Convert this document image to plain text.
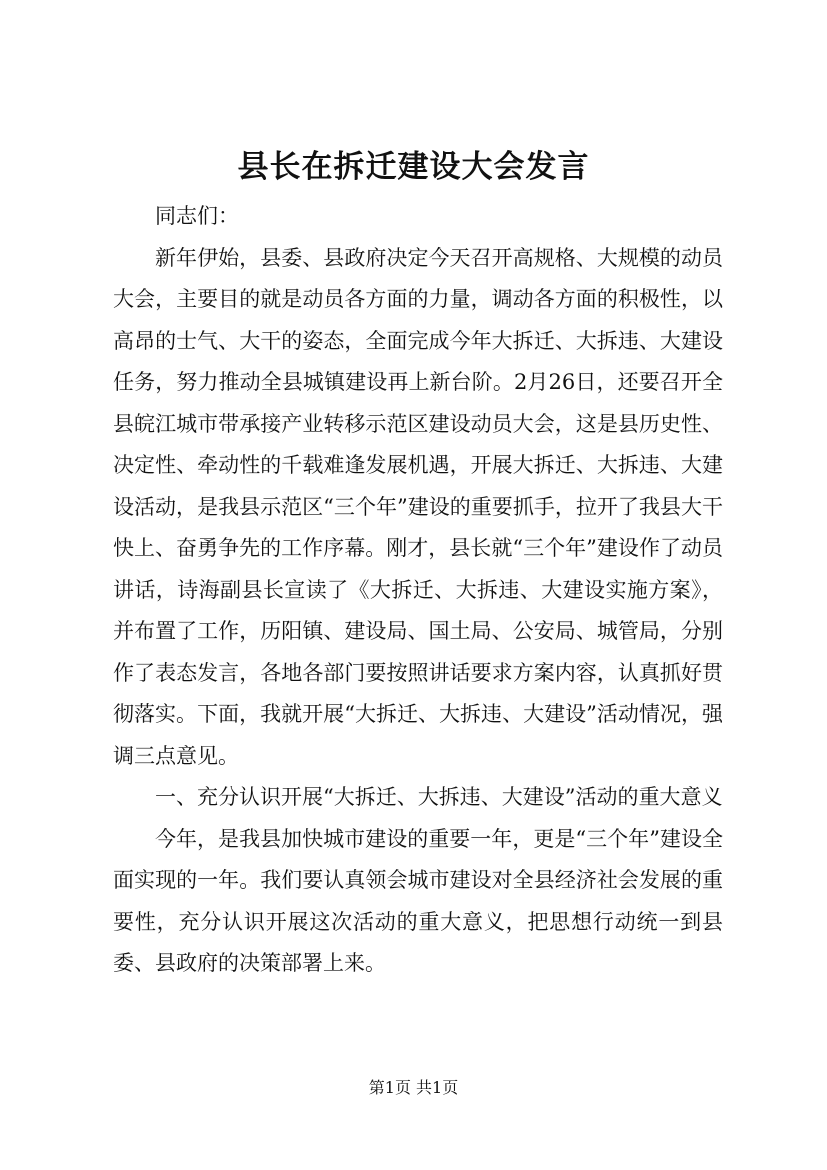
县长在拆迁建设大会发言

同志们：

新年伊始，县委、县政府决定今天召开高规格、大规模的动员大会，主要目的就是动员各方面的力量，调动各方面的积极性，以高昂的士气、大干的姿态，全面完成今年大拆迁、大拆违、大建设任务，努力推动全县城镇建设再上新台阶。2月26日，还要召开全县皖江城市带承接产业转移示范区建设动员大会，这是县历史性、决定性、牵动性的千载难逢发展机遇，开展大拆迁、大拆违、大建设活动，是我县示范区“三个年”建设的重要抓手，拉开了我县大干快上、奋勇争先的工作序幕。刚才，县长就“三个年”建设作了动员讲话，诗海副县长宣读了《大拆迁、大拆违、大建设实施方案》，并布置了工作，历阳镇、建设局、国土局、公安局、城管局，分别作了表态发言，各地各部门要按照讲话要求方案内容，认真抓好贯彻落实。下面，我就开展“大拆迁、大拆违、大建设”活动情况，强调三点意见。

一、充分认识开展“大拆迁、大拆违、大建设”活动的重大意义

今年，是我县加快城市建设的重要一年，更是“三个年”建设全面实现的一年。我们要认真领会城市建设对全县经济社会发展的重要性，充分认识开展这次活动的重大意义，把思想行动统一到县委、县政府的决策部署上来。

第1页 共1页
